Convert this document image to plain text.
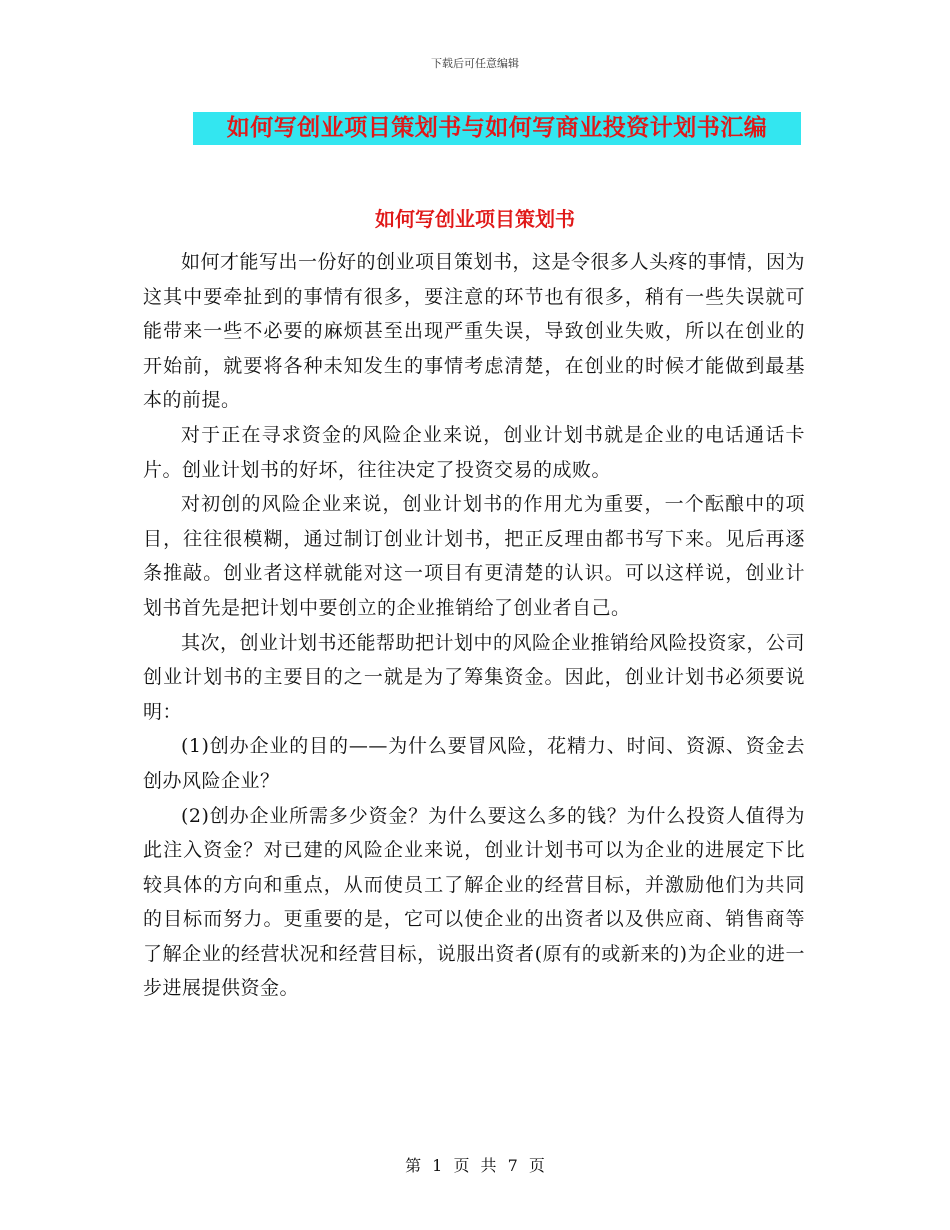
下载后可任意编辑
如何写创业项目策划书与如何写商业投资计划书汇编
如何写创业项目策划书

如何才能写出一份好的创业项目策划书，这是令很多人头疼的事情，因为这其中要牵扯到的事情有很多，要注意的环节也有很多，稍有一些失误就可能带来一些不必要的麻烦甚至出现严重失误，导致创业失败，所以在创业的开始前，就要将各种未知发生的事情考虑清楚，在创业的时候才能做到最基本的前提。

对于正在寻求资金的风险企业来说，创业计划书就是企业的电话通话卡片。创业计划书的好坏，往往决定了投资交易的成败。

对初创的风险企业来说，创业计划书的作用尤为重要，一个酝酿中的项目，往往很模糊，通过制订创业计划书，把正反理由都书写下来。见后再逐条推敲。创业者这样就能对这一项目有更清楚的认识。可以这样说，创业计划书首先是把计划中要创立的企业推销给了创业者自己。

其次，创业计划书还能帮助把计划中的风险企业推销给风险投资家，公司创业计划书的主要目的之一就是为了筹集资金。因此，创业计划书必须要说明：

(1)创办企业的目的——为什么要冒风险，花精力、时间、资源、资金去创办风险企业？

(2)创办企业所需多少资金？为什么要这么多的钱？为什么投资人值得为此注入资金？对已建的风险企业来说，创业计划书可以为企业的进展定下比较具体的方向和重点，从而使员工了解企业的经营目标，并激励他们为共同的目标而努力。更重要的是，它可以使企业的出资者以及供应商、销售商等了解企业的经营状况和经营目标，说服出资者(原有的或新来的)为企业的进一步进展提供资金。

第 1 页 共 7 页
